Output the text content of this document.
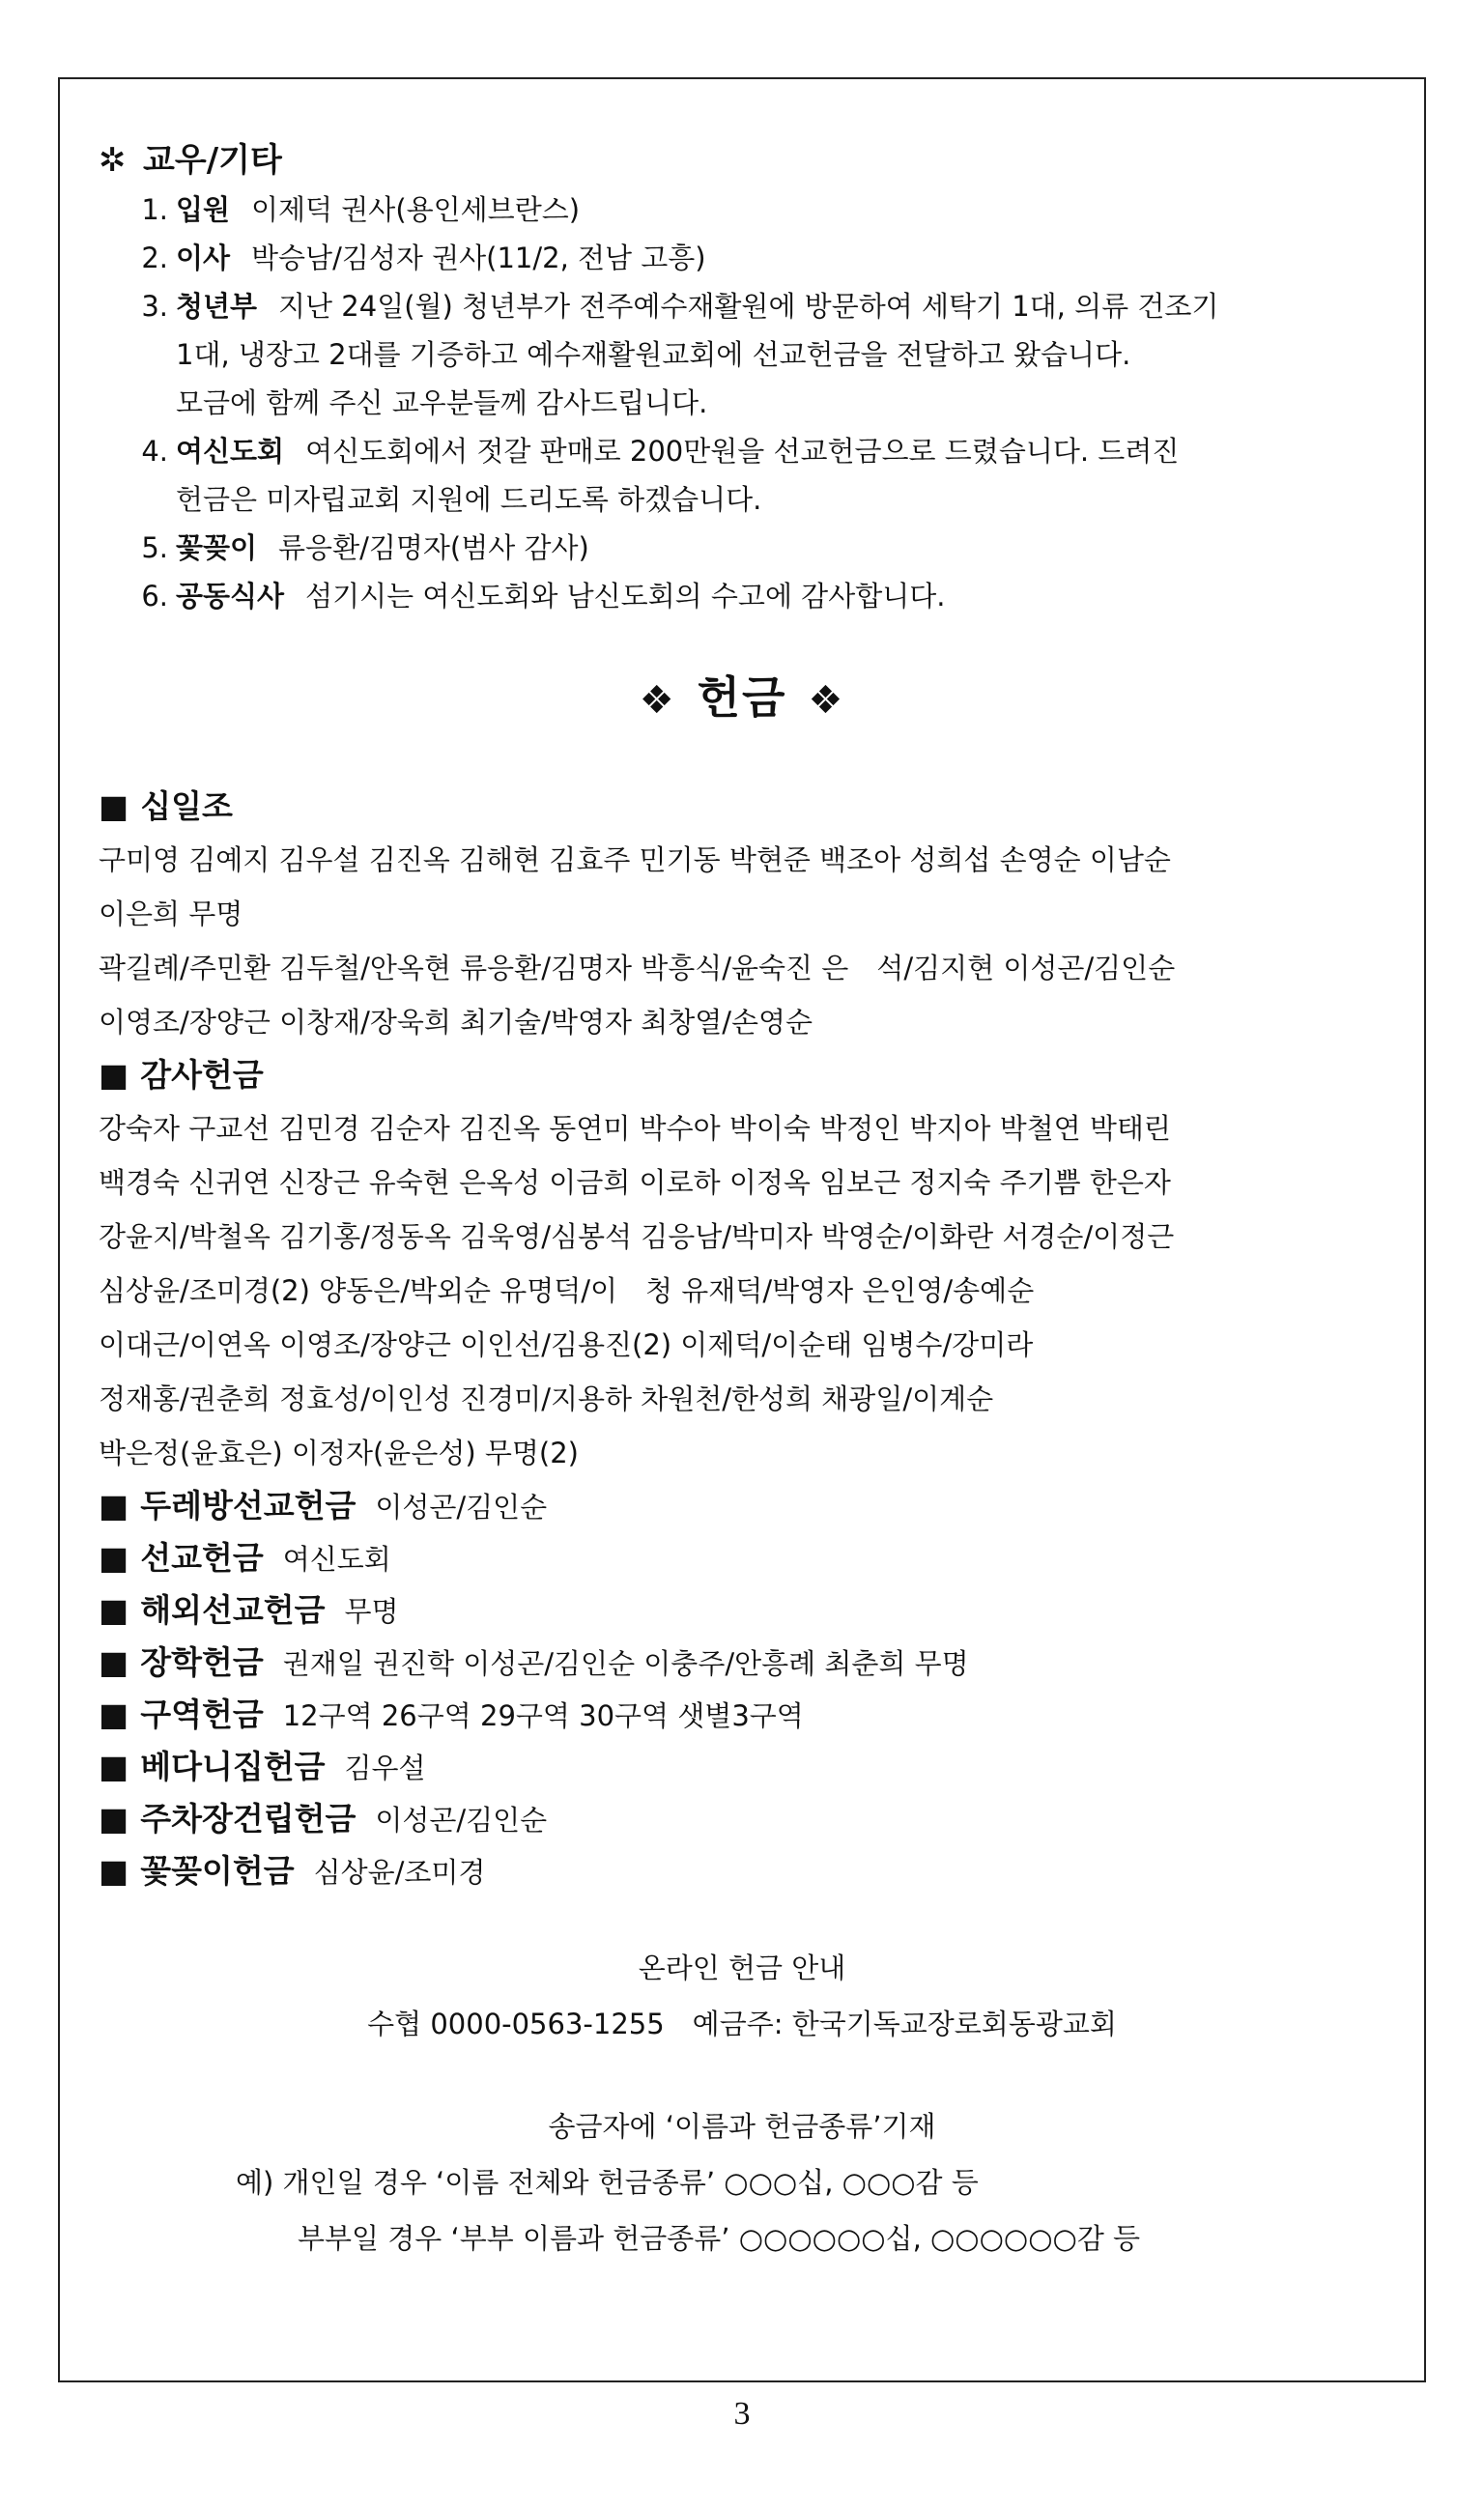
✲ 교우/기타
1. 입원 이제덕 권사(용인세브란스)
2. 이사 박승남/김성자 권사(11/2, 전남 고흥)
3. 청년부 지난 24일(월) 청년부가 전주예수재활원에 방문하여 세탁기 1대, 의류 건조기
1대, 냉장고 2대를 기증하고 예수재활원교회에 선교헌금을 전달하고 왔습니다.
모금에 함께 주신 교우분들께 감사드립니다.
4. 여신도회 여신도회에서 젓갈 판매로 200만원을 선교헌금으로 드렸습니다. 드려진
헌금은 미자립교회 지원에 드리도록 하겠습니다.
5. 꽃꽂이 류응환/김명자(범사 감사)
6. 공동식사 섬기시는 여신도회와 남신도회의 수고에 감사합니다.
❖ 헌금 ❖
■ 십일조
구미영 김예지 김우설 김진옥 김해현 김효주 민기동 박현준 백조아 성희섭 손영순 이남순
이은희 무명
곽길례/주민환 김두철/안옥현 류응환/김명자 박흥식/윤숙진 은　석/김지현 이성곤/김인순
이영조/장양근 이창재/장욱희 최기술/박영자 최창열/손영순
■ 감사헌금
강숙자 구교선 김민경 김순자 김진옥 동연미 박수아 박이숙 박정인 박지아 박철연 박태린
백경숙 신귀연 신장근 유숙현 은옥성 이금희 이로하 이정옥 임보근 정지숙 주기쁨 한은자
강윤지/박철옥 김기홍/정동옥 김욱영/심봉석 김응남/박미자 박영순/이화란 서경순/이정근
심상윤/조미경(2) 양동은/박외순 유명덕/이　청 유재덕/박영자 은인영/송예순
이대근/이연옥 이영조/장양근 이인선/김용진(2) 이제덕/이순태 임병수/강미라
정재홍/권춘희 정효성/이인성 진경미/지용하 차원천/한성희 채광일/이계순
박은정(윤효은) 이정자(윤은성) 무명(2)
■ 두레방선교헌금 이성곤/김인순
■ 선교헌금 여신도회
■ 해외선교헌금 무명
■ 장학헌금 권재일 권진학 이성곤/김인순 이충주/안흥례 최춘희 무명
■ 구역헌금 12구역 26구역 29구역 30구역 샛별3구역
■ 베다니집헌금 김우설
■ 주차장건립헌금 이성곤/김인순
■ 꽃꽂이헌금 심상윤/조미경
온라인 헌금 안내
수협 0000-0563-1255　예금주: 한국기독교장로회동광교회
송금자에 ‘이름과 헌금종류’기재
예) 개인일 경우 ‘이름 전체와 헌금종류’ ○○○십, ○○○감 등
부부일 경우 ‘부부 이름과 헌금종류’ ○○○○○○십, ○○○○○○감 등
3
